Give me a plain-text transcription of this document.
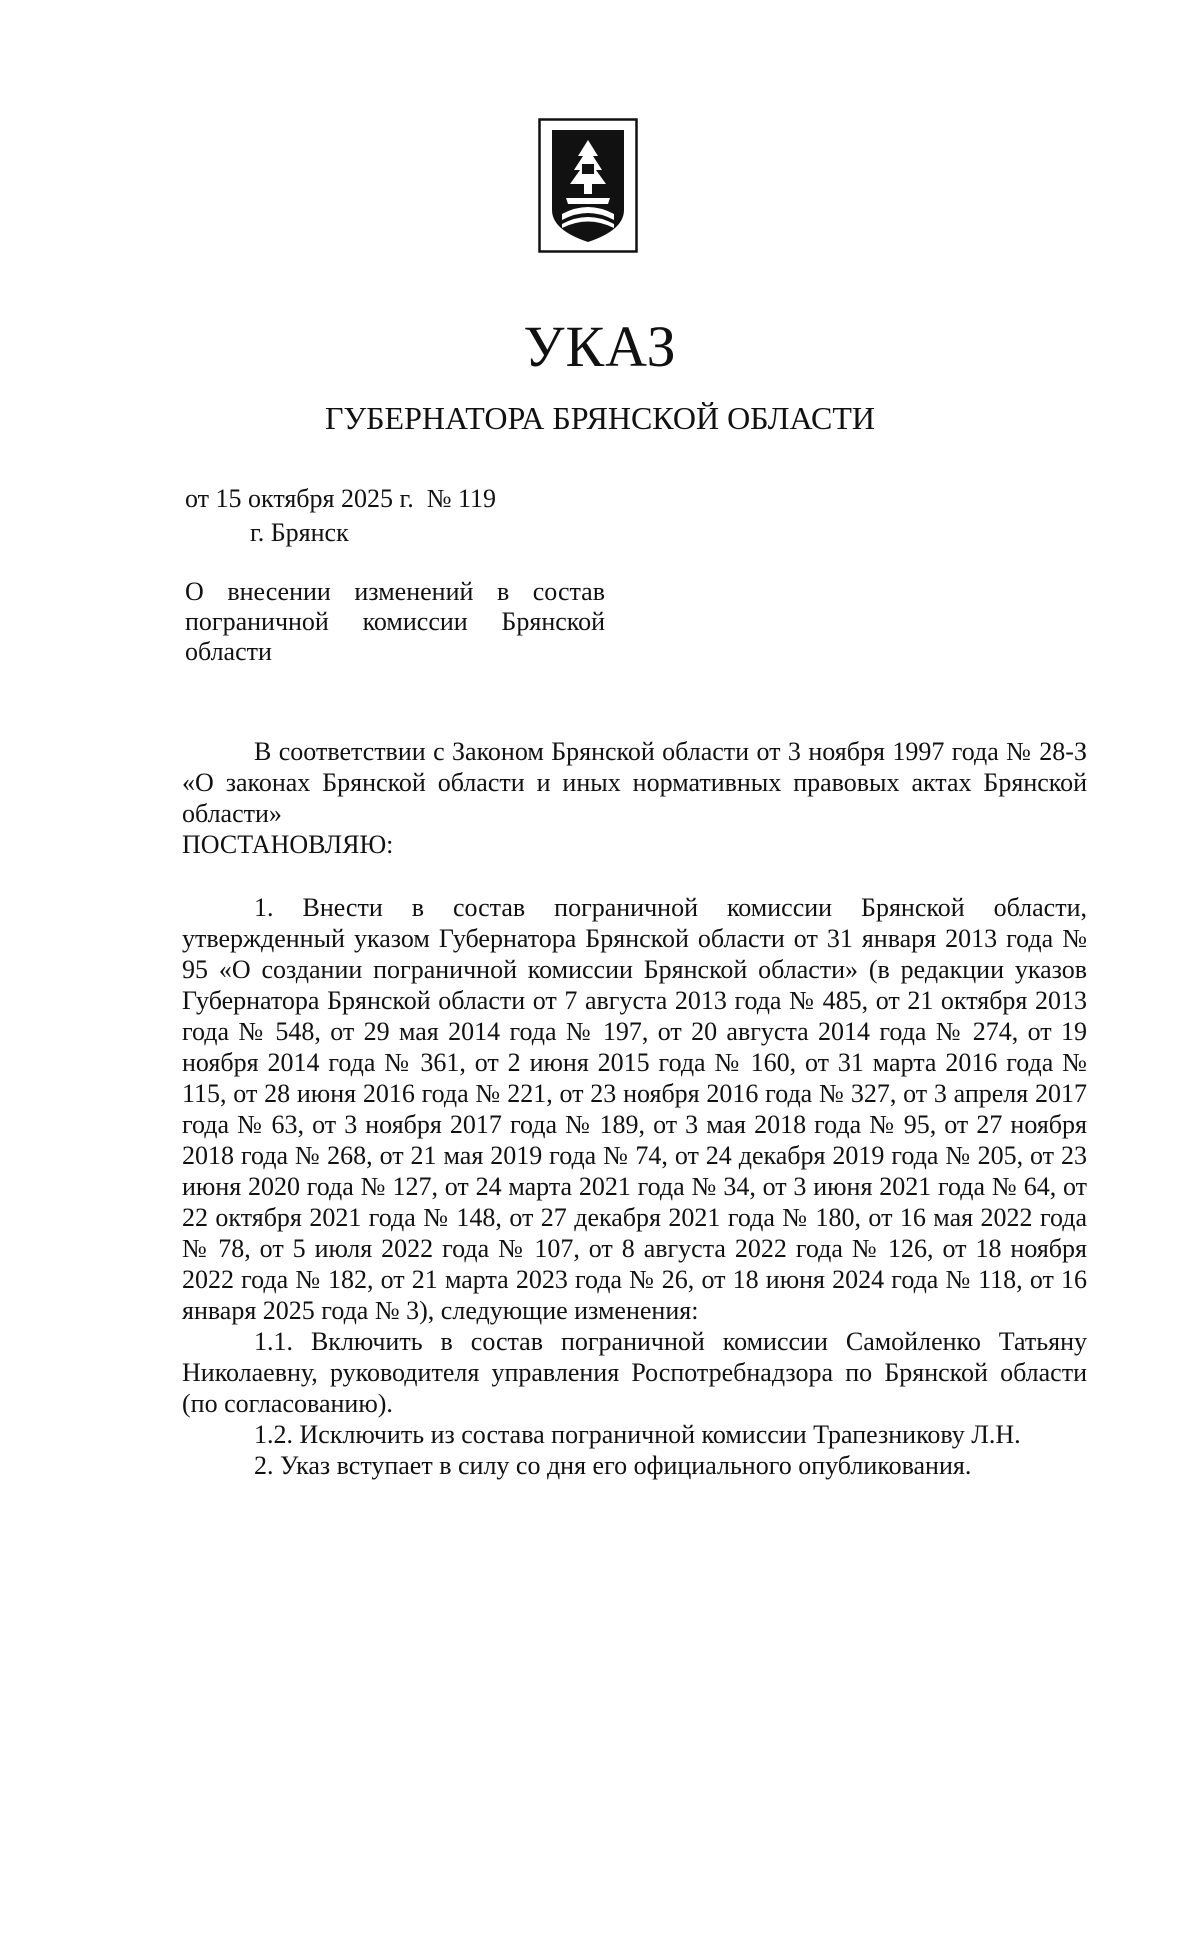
УКАЗ
ГУБЕРНАТОРА БРЯНСКОЙ ОБЛАСТИ
от 15 октября 2025 г. № 119
г. Брянск
О внесении изменений в состав
пограничной комиссии Брянской
области

В соответствии с Законом Брянской области от 3 ноября 1997 года № 28-З «О законах Брянской области и иных нормативных правовых актах Брянской области»

ПОСТАНОВЛЯЮ:

1. Внести в состав пограничной комиссии Брянской области, утвержденный указом Губернатора Брянской области от 31 января 2013 года № 95 «О создании пограничной комиссии Брянской области» (в редакции указов Губернатора Брянской области от 7 августа 2013 года № 485, от 21 октября 2013 года № 548, от 29 мая 2014 года № 197, от 20 августа 2014 года № 274, от 19 ноября 2014 года № 361, от 2 июня 2015 года № 160, от 31 марта 2016 года № 115, от 28 июня 2016 года № 221, от 23 ноября 2016 года № 327, от 3 апреля 2017 года № 63, от 3 ноября 2017 года № 189, от 3 мая 2018 года № 95, от 27 ноября 2018 года № 268, от 21 мая 2019 года № 74, от 24 декабря 2019 года № 205, от 23 июня 2020 года № 127, от 24 марта 2021 года № 34, от 3 июня 2021 года № 64, от 22 октября 2021 года № 148, от 27 декабря 2021 года № 180, от 16 мая 2022 года № 78, от 5 июля 2022 года № 107, от 8 августа 2022 года № 126, от 18 ноября 2022 года № 182, от 21 марта 2023 года № 26, от 18 июня 2024 года № 118, от 16 января 2025 года № 3), следующие изменения:

1.1. Включить в состав пограничной комиссии Самойленко Татьяну Николаевну, руководителя управления Роспотребнадзора по Брянской области (по согласованию).

1.2. Исключить из состава пограничной комиссии Трапезникову Л.Н.

2. Указ вступает в силу со дня его официального опубликования.
